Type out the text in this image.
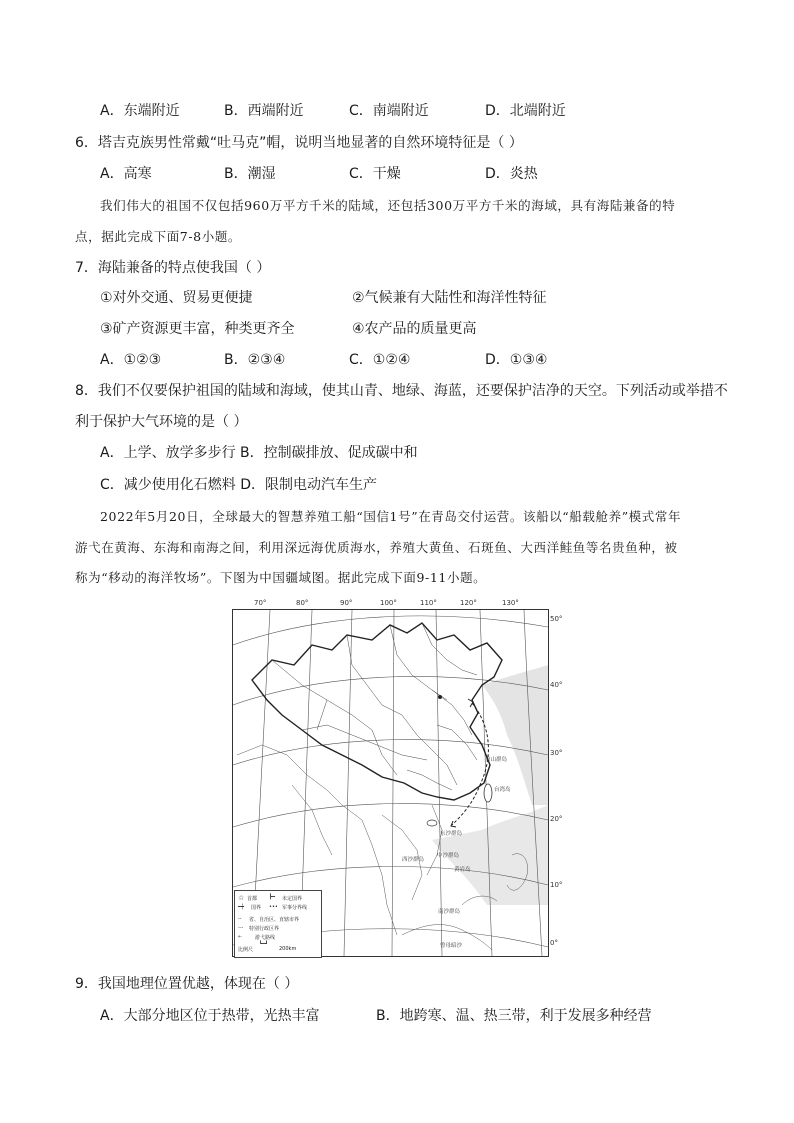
A．东端附近	B．西端附近	C．南端附近	D．北端附近
6．塔吉克族男性常戴“吐马克”帽，说明当地显著的自然环境特征是（ ）
A．高寒	B．潮湿	C．干燥	D．炎热
我们伟大的祖国不仅包括960万平方千米的陆域，还包括300万平方千米的海域，具有海陆兼备的特
点，据此完成下面7-8小题。
7．海陆兼备的特点使我国（ ）
①对外交通、贸易更便捷	②气候兼有大陆性和海洋性特征
③矿产资源更丰富，种类更齐全	④农产品的质量更高
A．①②③	B．②③④	C．①②④	D．①③④
8．我们不仅要保护祖国的陆域和海域，使其山青、地绿、海蓝，还要保护洁净的天空。下列活动或举措不
利于保护大气环境的是（ ）
A．上学、放学多步行 B．控制碳排放、促成碳中和
C．减少使用化石燃料 D．限制电动汽车生产
2022年5月20日，全球最大的智慧养殖工船“国信1号”在青岛交付运营。该船以“船载舱养”模式常年
游弋在黄海、东海和南海之间，利用深远海优质海水，养殖大黄鱼、石斑鱼、大西洋鲑鱼等名贵鱼种，被
称为“移动的海洋牧场”。下图为中国疆域图。据此完成下面9-11小题。
70°	80°	90°	100°	110°	120°	130°
50°
40°
30°
20°
10°
0°
舟山群岛
台湾岛
东沙群岛
西沙群岛
中沙群岛
黄岩岛
南沙群岛
曾母暗沙
☆ 首都 ┣━ 未定国界
━┿ 国界 ••• 军事分界线
-- 省、自治区、直辖市界
-·- 特别行政区界
⇠	游弋路线
比例尺
┗━┛
200km
9．我国地理位置优越，体现在（ ）
A．大部分地区位于热带，光热丰富	B．地跨寒、温、热三带，利于发展多种经营
